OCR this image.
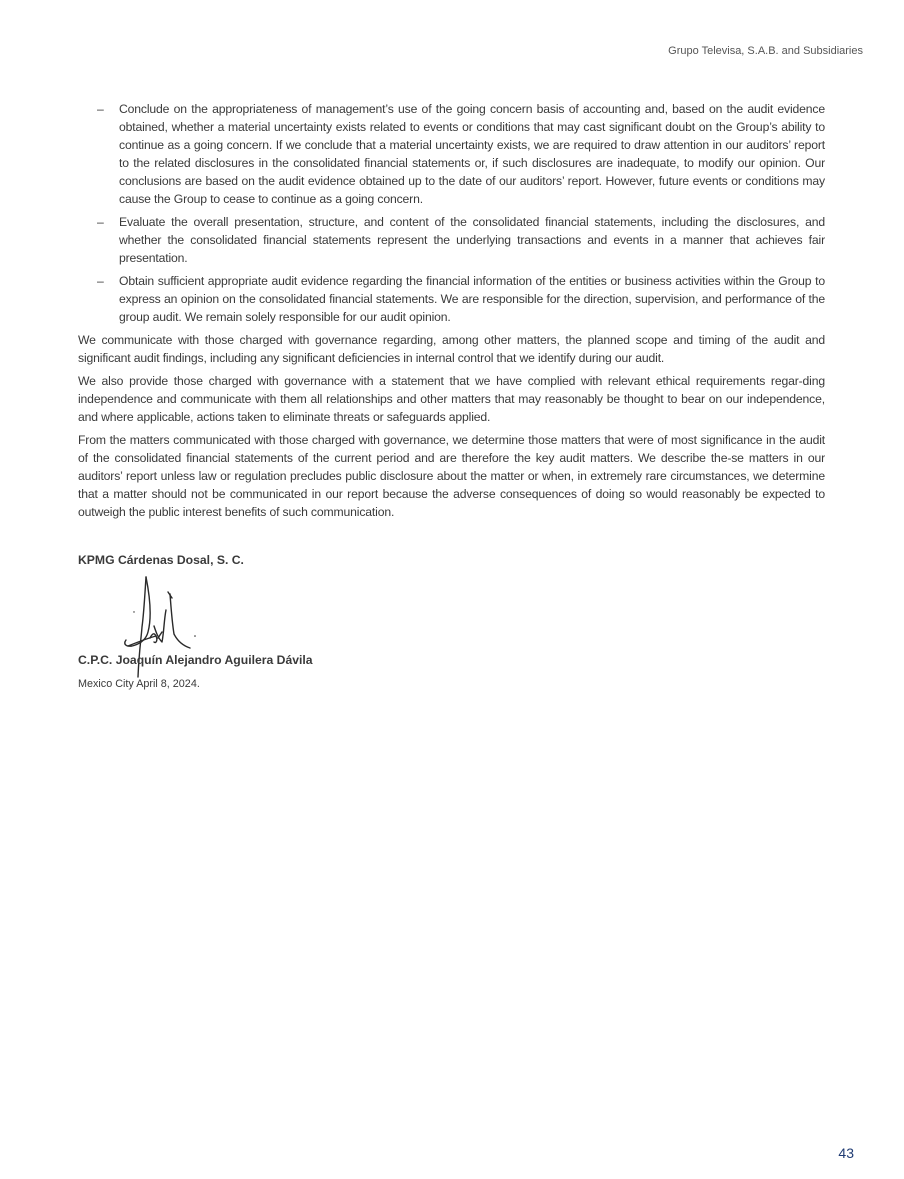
Grupo Televisa, S.A.B. and Subsidiaries
– Conclude on the appropriateness of management’s use of the going concern basis of accounting and, based on the audit evidence obtained, whether a material uncertainty exists related to events or conditions that may cast significant doubt on the Group’s ability to continue as a going concern. If we conclude that a material uncertainty exists, we are required to draw attention in our auditors’ report to the related disclosures in the consolidated financial statements or, if such disclosures are inadequate, to modify our opinion. Our conclusions are based on the audit evidence obtained up to the date of our auditors’ report. However, future events or conditions may cause the Group to cease to continue as a going concern.
– Evaluate the overall presentation, structure, and content of the consolidated financial statements, including the disclosures, and whether the consolidated financial statements represent the underlying transactions and events in a manner that achieves fair presentation.
– Obtain sufficient appropriate audit evidence regarding the financial information of the entities or business activities within the Group to express an opinion on the consolidated financial statements. We are responsible for the direction, supervision, and performance of the group audit. We remain solely responsible for our audit opinion.

We communicate with those charged with governance regarding, among other matters, the planned scope and timing of the audit and significant audit findings, including any significant deficiencies in internal control that we identify during our audit.

We also provide those charged with governance with a statement that we have complied with relevant ethical requirements regar-ding independence and communicate with them all relationships and other matters that may reasonably be thought to bear on our independence, and where applicable, actions taken to eliminate threats or safeguards applied.

From the matters communicated with those charged with governance, we determine those matters that were of most significance in the audit of the consolidated financial statements of the current period and are therefore the key audit matters. We describe the-se matters in our auditors’ report unless law or regulation precludes public disclosure about the matter or when, in extremely rare circumstances, we determine that a matter should not be communicated in our report because the adverse consequences of doing so would reasonably be expected to outweigh the public interest benefits of such communication.

KPMG Cárdenas Dosal, S. C.
C.P.C. Joaquín Alejandro Aguilera Dávila
Mexico City April 8, 2024.
43
